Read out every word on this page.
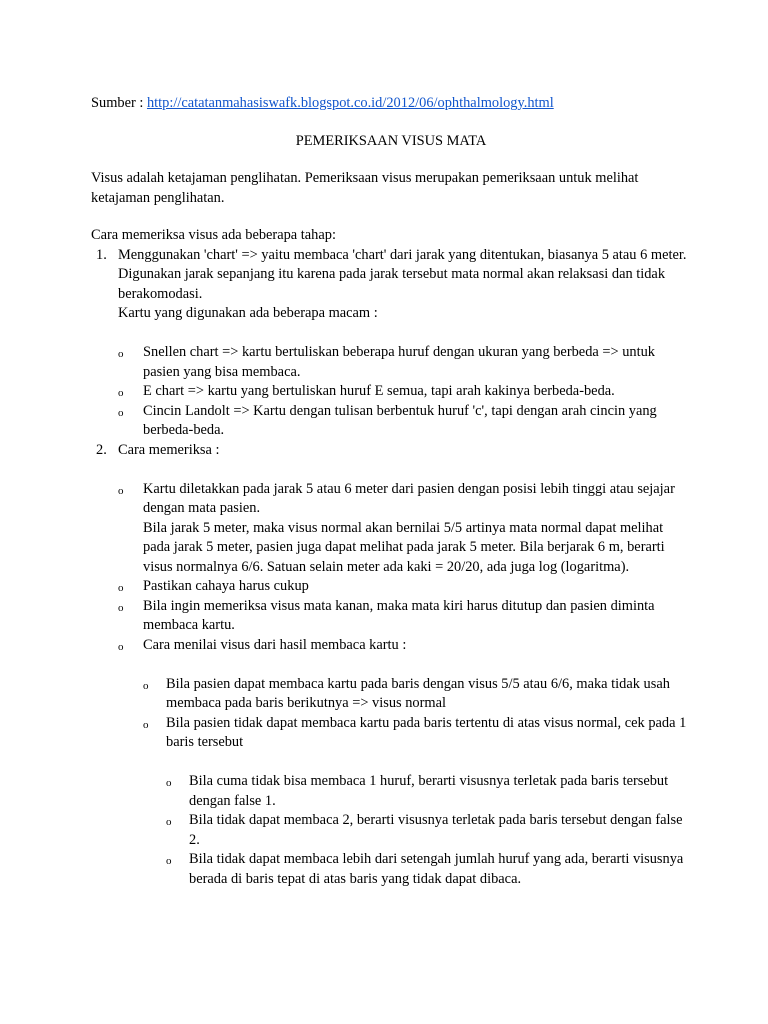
Sumber : http://catatanmahasiswafk.blogspot.co.id/2012/06/ophthalmology.html
PEMERIKSAAN VISUS MATA
Visus adalah ketajaman penglihatan. Pemeriksaan visus merupakan pemeriksaan untuk melihat ketajaman penglihatan.
Cara memeriksa visus ada beberapa tahap:
1. Menggunakan 'chart' => yaitu membaca 'chart' dari jarak yang ditentukan, biasanya 5 atau 6 meter. Digunakan jarak sepanjang itu karena pada jarak tersebut mata normal akan relaksasi dan tidak berakomodasi.
Kartu yang digunakan ada beberapa macam :
o Snellen chart => kartu bertuliskan beberapa huruf dengan ukuran yang berbeda => untuk pasien yang bisa membaca.
o E chart => kartu yang bertuliskan huruf E semua, tapi arah kakinya berbeda-beda.
o Cincin Landolt => Kartu dengan tulisan berbentuk huruf 'c', tapi dengan arah cincin yang berbeda-beda.
2. Cara memeriksa :
o Kartu diletakkan pada jarak 5 atau 6 meter dari pasien dengan posisi lebih tinggi atau sejajar dengan mata pasien.
Bila jarak 5 meter, maka visus normal akan bernilai 5/5 artinya mata normal dapat melihat pada jarak 5 meter, pasien juga dapat melihat pada jarak 5 meter. Bila berjarak 6 m, berarti visus normalnya 6/6. Satuan selain meter ada kaki = 20/20, ada juga log (logaritma).
o Pastikan cahaya harus cukup
o Bila ingin memeriksa visus mata kanan, maka mata kiri harus ditutup dan pasien diminta membaca kartu.
o Cara menilai visus dari hasil membaca kartu :
o Bila pasien dapat membaca kartu pada baris dengan visus 5/5 atau 6/6, maka tidak usah membaca pada baris berikutnya => visus normal
o Bila pasien tidak dapat membaca kartu pada baris tertentu di atas visus normal, cek pada 1 baris tersebut
o Bila cuma tidak bisa membaca 1 huruf, berarti visusnya terletak pada baris tersebut dengan false 1.
o Bila tidak dapat membaca 2, berarti visusnya terletak pada baris tersebut dengan false 2.
o Bila tidak dapat membaca lebih dari setengah jumlah huruf yang ada, berarti visusnya berada di baris tepat di atas baris yang tidak dapat dibaca.
